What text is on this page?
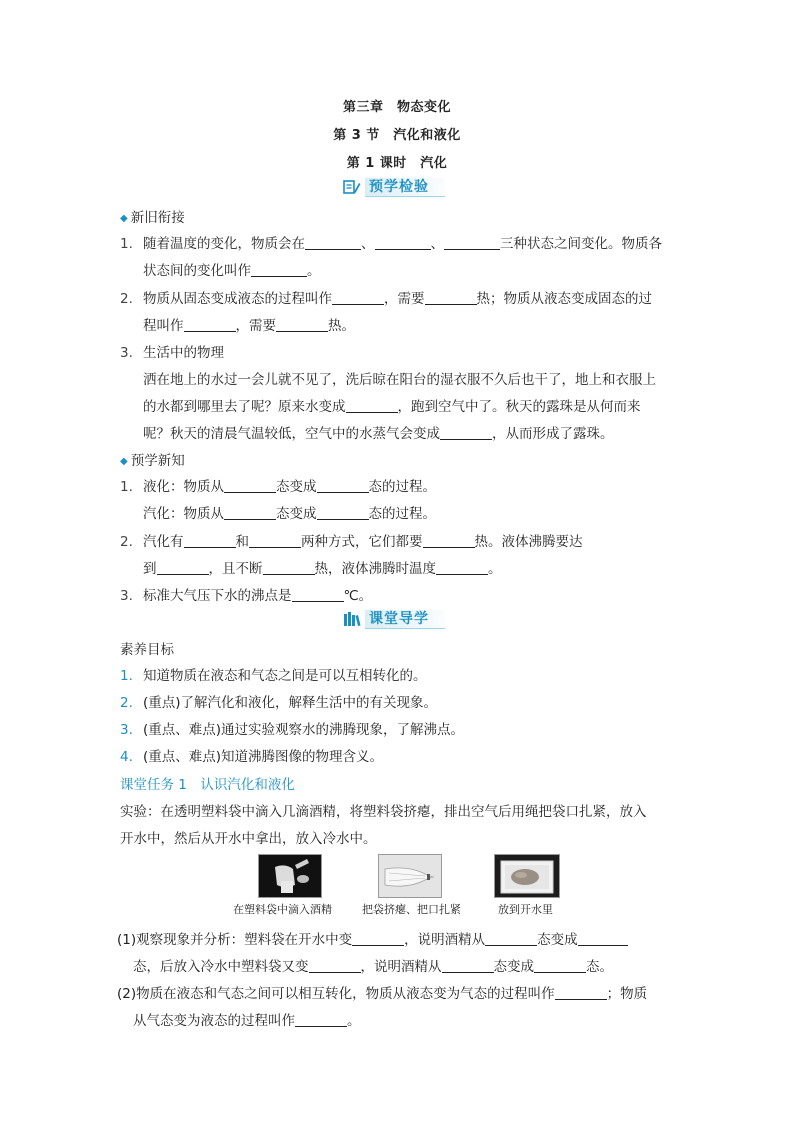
第三章　物态变化
第 3 节　汽化和液化
第 1 课时　汽化
预学检验
◆ 新旧衔接
1. 随着温度的变化，物质会在	、	、	三种状态之间变化。物质各
状态间的变化叫作	。
2. 物质从固态变成液态的过程叫作	，需要	热；物质从液态变成固态的过
程叫作	，需要	热。
3. 生活中的物理
洒在地上的水过一会儿就不见了，洗后晾在阳台的湿衣服不久后也干了，地上和衣服上
的水都到哪里去了呢？原来水变成	，跑到空气中了。秋天的露珠是从何而来
呢？秋天的清晨气温较低，空气中的水蒸气会变成	，从而形成了露珠。
◆ 预学新知
1. 液化：物质从	态变成	态的过程。
汽化：物质从	态变成	态的过程。
2. 汽化有	和	两种方式，它们都要	热。液体沸腾要达
到	，且不断	热，液体沸腾时温度	。
3. 标准大气压下水的沸点是	℃。
课堂导学
素养目标
1. 知道物质在液态和气态之间是可以互相转化的。
2. (重点)了解汽化和液化，解释生活中的有关现象。
3. (重点、难点)通过实验观察水的沸腾现象，了解沸点。
4. (重点、难点)知道沸腾图像的物理含义。
课堂任务 1　认识汽化和液化
实验：在透明塑料袋中滴入几滴酒精，将塑料袋挤瘪，排出空气后用绳把袋口扎紧，放入
开水中，然后从开水中拿出，放入冷水中。
在塑料袋中滴入酒精	把袋挤瘪、把口扎紧	放到开水里
(1)观察现象并分析：塑料袋在开水中变	，说明酒精从	态变成
态，后放入冷水中塑料袋又变	，说明酒精从	态变成	态。
(2)物质在液态和气态之间可以相互转化，物质从液态变为气态的过程叫作	；物质
从气态变为液态的过程叫作	。
